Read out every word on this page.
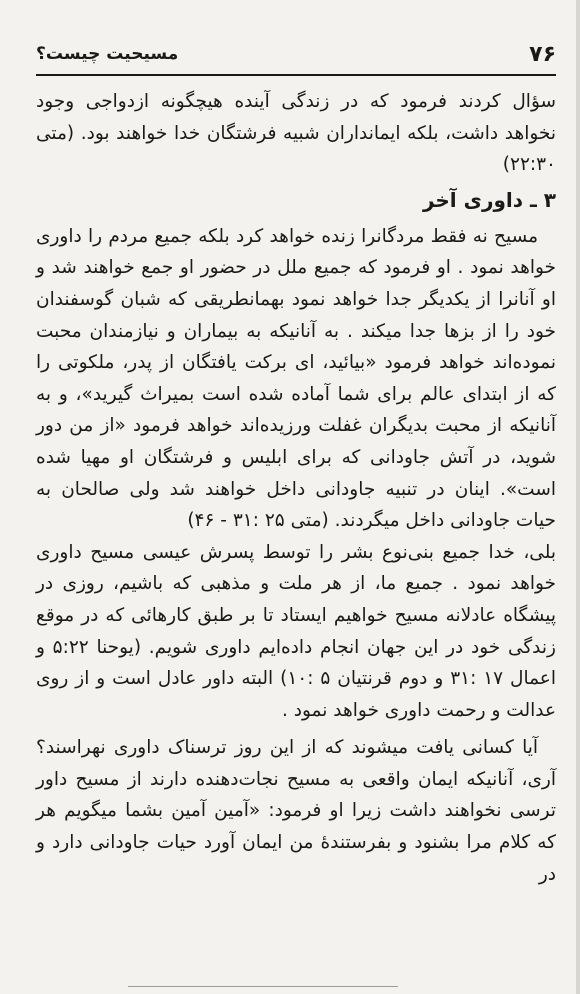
۷۶
مسیحیت چیست؟

سؤال کردند فرمود که در زندگی آینده هیچگونه ازدواجی وجود نخواهد داشت، بلکه ایمانداران شبیه فرشتگان خدا خواهند بود. (متی ۲۲:۳۰)

۳ ـ داوری آخر

مسیح نه فقط مردگانرا زنده خواهد کرد بلکه جمیع مردم را داوری خواهد نمود . او فرمود که جمیع ملل در حضور او جمع خواهند شد و او آنانرا از یکدیگر جدا خواهد نمود بهمانطریقی که شبان گوسفندان خود را از بزها جدا میکند . به آنانیکه به بیماران و نیازمندان محبت نموده‌اند خواهد فرمود «بیائید، ای برکت یافتگان از پدر، ملکوتی را که از ابتدای عالم برای شما آماده شده است بمیراث گیرید»، و به آنانیکه از محبت بدیگران غفلت ورزیده‌اند خواهد فرمود «از من دور شوید، در آتش جاودانی که برای ابلیس و فرشتگان او مهیا شده است». اینان در تنبیه جاودانی داخل خواهند شد ولی صالحان به حیات جاودانی داخل میگردند. (متی ۲۵ :۳۱ - ۴۶)

بلی، خدا جمیع بنی‌نوع بشر را توسط پسرش عیسی مسیح داوری خواهد نمود . جمیع ما، از هر ملت و مذهبی که باشیم، روزی در پیشگاه عادلانه مسیح خواهیم ایستاد تا بر طبق کارهائی که در موقع زندگی خود در این جهان انجام داده‌ایم داوری شویم. (یوحنا ۵:۲۲ و اعمال ۱۷ :۳۱ و دوم قرنتیان ۵ :۱۰) البته داور عادل است و از روی عدالت و رحمت داوری خواهد نمود .

آیا کسانی یافت میشوند که از این روز ترسناک داوری نهراسند؟ آری، آنانیکه ایمان واقعی به مسیح نجات‌دهنده دارند از مسیح داور ترسی نخواهند داشت زیرا او فرمود: «آمین آمین بشما میگویم هر که کلام مرا بشنود و بفرستندهٔ من ایمان آورد حیات جاودانی دارد و در
